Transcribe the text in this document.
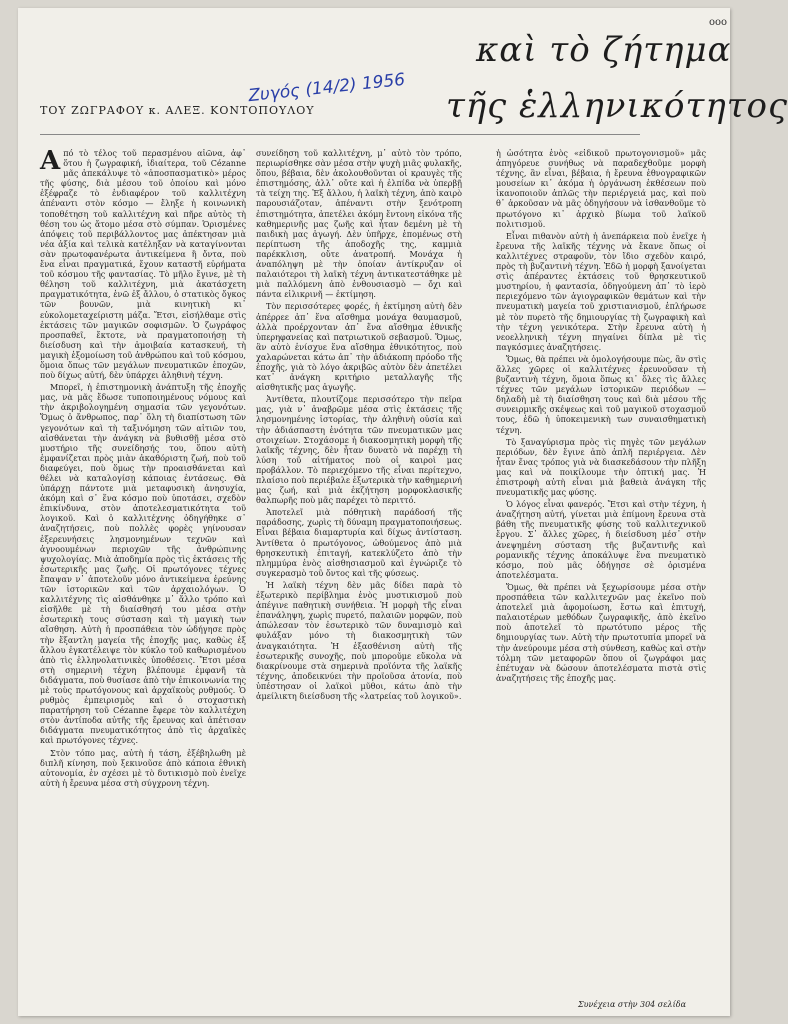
ооо
καὶ τὸ ζήτημα
τῆς ἑλληνικότητος
Ζυγός (14/2) 1956
ΤΟΥ ΖΩΓΡΑΦΟΥ κ. ΑΛΕΞ. ΚΟΝΤΟΠΟΥΛΟΥ

Από τὸ τέλος τοῦ περασμένου αἰῶνα, ἀφ᾽ ὅτου ἡ ζωγραφική, ἰδιαίτερα, τοῦ Cézanne μᾶς ἀπεκάλυψε τὸ «ἀποσπασματικὸ» μέρος τῆς φύσης, διὰ μέσου τοῦ ὁποίου καὶ μόνο ἐξέφραζε τὸ ἐνδιαφέρον τοῦ καλλιτέχνη ἀπέναντι στὸν κόσμο — ἔληξε ἡ κοινωνικὴ τοποθέτηση τοῦ καλλιτέχνη καὶ πῆρε αὐτὸς τὴ θέση του ὡς ἄτομο μέσα στὸ σύμπαν. Ὁρισμένες ἀπόψεις τοῦ περιβάλλοντος μας ἀπέκτησαν μιὰ νέα ἀξία καὶ τελικὰ κατέληξαν νὰ καταγίνονται σὰν πρωτοφανέρωτα ἀντικείμενα ἢ ὄντα, ποὺ ἔνα εἶναι πραγματικά, ἔχουν καταστῆ εὑρήματα τοῦ κόσμου τῆς φαντασίας. Τὸ μῆλο ἔγινε, μὲ τὴ θέληση τοῦ καλλιτέχνη, μιὰ ἀκατάσχετη πραγματικότητα, ἐνῶ ἐξ ἄλλου, ὁ στατικὸς ὄγκος τῶν βουνῶν, μιὰ κινητικὴ κι᾽ εὐκολομεταχείριστη μάζα. Ἔτσι, εἰσήλθαμε στὶς ἐκτάσεις τῶν μαγικῶν σοφισμῶν. Ὁ ζωγράφος προσπαθεῖ, ἔκτοτε, νὰ πραγματοποιήσῃ τὴ διείσδυση καὶ τὴν ἀμοιβαία κατασκευή, τὴ μαγικὴ ἐξομοίωση τοῦ ἀνθρώπου καὶ τοῦ κόσμου, ὅμοια ὅπως τῶν μεγάλων πνευματικῶν ἐποχῶν, ποὺ δίχως αὐτή, δὲν ὑπάρχει ἀληθινὴ τέχνη.

Μπορεῖ, ἡ ἐπιστημονικὴ ἀνάπτυξη τῆς ἐποχῆς μας, νὰ μᾶς ἔδωσε τυποποιημένους νόμους καὶ τὴν ἀκριβολογημένη σημασία τῶν γεγονότων. Ὅμως ὁ ἄνθρωπος, παρ᾽ ὅλη τὴ διαπίστωση τῶν γεγονότων καὶ τὴ ταξινόμηση τῶν αἰτιῶν του, αἰσθάνεται τὴν ἀνάγκη νὰ βυθισθῇ μέσα στὸ μυστήριο τῆς συνείδησής του, ὅπου αὐτὴ ἐμφανίζεται πρὸς μιὰν ἀκαθόριστη ζωή, ποὺ τοῦ διαφεύγει, ποὺ ὅμως τὴν προαισθάνεται καὶ θέλει νὰ καταλογίσῃ κάποιας ἐντάσεως. Θὰ ὑπάρχῃ πάντοτε μιὰ μεταφυσικὴ ἀνησυχία, ἀκόμη καὶ σ᾽ ἕνα κόσμο ποὺ ὑποτάσει, σχεδὸν ἐπικίνδυνα, στὸν ἀποτελεσματικότητα τοῦ λογικοῦ. Καὶ ὁ καλλιτέχνης ὁδηγήθηκε σ᾽ ἀναζητήσεις, ποὺ πολλὲς φορὲς γηίνουσαν ἐξερευνήσεις λησμονημένων τεχνῶν καὶ ἀγνοουμένων περιοχῶν τῆς ἀνθρώπινης ψυχολογίας. Μιὰ ἀποδημία πρὸς τὶς ἐκτάσεις τῆς ἐσωτερικῆς μας ζωῆς. Οἱ πρωτόγονες τέχνες ἔπαψαν ν᾽ ἀποτελοῦν μόνο ἀντικείμενα ἐρεύνης τῶν ἱστορικῶν καὶ τῶν ἀρχαιολόγων. Ὁ καλλιτέχνης τὶς αἰσθάνθηκε μ᾽ ἄλλο τρόπο καὶ εἰσῆλθε μὲ τὴ διαίσθησή του μέσα στὴν ἐσωτερικὴ τους σύσταση καὶ τὴ μαγικὴ των αἴσθηση. Αὐτὴ ἡ προσπάθεια τὸν ὡδήγησε πρὸς τὴν ἔξαντλη μαγεία τῆς ἐποχῆς μας, καθὼς ἐξ ἄλλου ἐγκατέλειψε τὸν κύκλο τοῦ καθωρισμένου ἀπὸ τὶς ἑλληνολατινικὲς ὑποθέσεις. Ἔτσι μέσα στὴ σημερινὴ τέχνη βλέπουμε ἐμφανῆ τὰ διδάγματα, ποὺ θυσίασε ἀπὸ τὴν ἐπικοινωνία της μὲ τοὺς πρωτόγονους καὶ ἀρχαϊκοὺς ρυθμούς. Ὁ ρυθμὸς ἐμπειρισμὸς καὶ ὁ στοχαστικὴ παρατήρηση τοῦ Cézanne ἔφερε τὸν καλλιτέχνη στὸν ἀντίποδα αὐτῆς τῆς ἔρευνας καὶ ἀπέτισαν διδάγματα πνευματικότητος ἀπὸ τὶς ἀρχαϊκὲς καὶ πρωτόγονες τέχνες.

Στὸν τόπο μας, αὐτὴ ἡ τάση, ἐξέβηλωθη μὲ διπλῆ κίνηση, ποὺ ξεκινοῦσε ἀπὸ κάποια ἐθνικὴ αὐτονομία, ἐν σχέσει μὲ τὸ δυτικισμὸ ποὺ ἐνεῖχε αὐτὴ ἡ ἔρευνα μέσα στὴ σύγχρονη τέχνη.

συνείδηση τοῦ καλλιτέχνη, μ᾽ αὐτὸ τὸν τρόπο, περιωρίσθηκε σὰν μέσα στὴν ψυχὴ μιᾶς φυλακῆς, ὅπου, βέβαια, δὲν ἀκολουθοῦνται οἱ κραυγὲς τῆς ἐπιστημόσης, ἀλλ᾽ οὔτε καὶ ἡ ἐλπίδα νὰ ὑπερβῇ τὰ τείχη της. Ἐξ ἄλλου, ἡ λαϊκὴ τέχνη, ἀπὸ καιρὸ παρουσιάζοταν, ἀπέναντι στὴν ξενότροπη ἐπιστημότητα, ἀπετέλει ἀκόμη ἔντονη εἰκόνα τῆς καθημερινῆς μας ζωῆς καὶ ἦταν δεμένη μὲ τὴ παιδικὴ μας ἀγωγή. Δὲν ὑπῆρχε, ἑπομένως στὴ περίπτωση τῆς ἀποδοχῆς της, καμμιὰ παρέκκλιση, οὔτε ἀνατροπή. Μονάχα ἡ ἀναπόληψη μὲ τὴν ὁποίαν ἀντίκρυζαν οἱ παλαιότεροι τὴ λαϊκὴ τέχνη ἀντικατεστάθηκε μὲ μιὰ παλλόμενη ἀπὸ ἐνθουσιασμὸ — ὄχι καὶ πάντα εἰλικρινῆ — ἐκτίμηση.

Τὸν περισσότερες φορές, ἡ ἐκτίμηση αὐτὴ δὲν ἀπέρρεε ἀπ᾽ ἕνα αἴσθημα μονάχα θαυμασμοῦ, ἀλλὰ προέρχονταν ἀπ᾽ ἕνα αἴσθημα ἐθνικῆς ὑπερηφανείας καὶ πατριωτικοῦ σεβασμοῦ. Ὅμως, ἂν αὐτὸ ἐνίσχυε ἕνα αἴσθημα ἐθνικότητος, ποὺ χαλαρώνεται κάτω ἀπ᾽ τὴν ἀδιάκοπη πρόοδο τῆς ἐποχῆς, γιὰ τὸ λόγο ἀκριβῶς αὐτὸν δὲν ἀπετέλει κατ᾽ ἀνάγκη κριτήριο μεταλλαγῆς τῆς αἰσθητικῆς μας ἀγωγῆς.

Ἀντίθετα, πλουτίζομε περισσότερο τὴν πεῖρα μας, γιὰ ν᾽ ἀναβρῶμε μέσα στὶς ἐκτάσεις τῆς λησμονημένης ἱστορίας, τὴν ἀληθινὴ οὐσία καὶ τὴν ἀδιάσπαστη ἑνότητα τῶν πνευματικῶν μας στοιχείων. Στοχάσομε ἡ διακοσμητικὴ μορφὴ τῆς λαϊκῆς τέχνης, δὲν ἦταν δυνατὸ νὰ παρέχῃ τὴ λύση τοῦ αἰτήματος ποὺ οἱ καιροὶ μας προβάλλον. Τὸ περιεχόμενο τῆς εἶναι περίτεχνο, πλαίσιο ποὺ περιέβαλε ἐξωτερικὰ τὴν καθημερινή μας ζωή, καὶ μιὰ ἐκζήτηση μορφοκλασικῆς θαλπωρῆς ποὺ μᾶς παρέχει τὸ περιττό.

Ἀποτελεῖ μιὰ πόθητικὴ παράδοσή τῆς παράδοσης, χωρὶς τὴ δύναμη πραγματοποιήσεως. Εἶναι βέβαια διαμαρτυρία καὶ δίχως ἀντίσταση. Ἀντίθετα ὁ πρωτόγονος, ὡθούμενος ἀπὸ μιὰ θρησκευτικὴ ἐπιταγή, κατεκλύζετο ἀπὸ τὴν πλημμύρα ἑνὸς αἰσθησιασμοῦ καὶ ἐγνώριζε τὸ συγκερασμὸ τοῦ ὄντος καὶ τῆς φύσεως.

Ἡ λαϊκὴ τέχνη δὲν μᾶς δίδει παρὰ τὸ ἐξωτερικὸ περίβλημα ἑνὸς μυστικισμοῦ ποὺ ἀπέγινε παθητικὴ συνήθεια. Ἡ μορφὴ τῆς εἶναι ἐπανάληψη, χωρὶς πυρετό, παλαιῶν μορφῶν, ποὺ ἀπώλεσαν τὸν ἐσωτερικὸ τῶν δυναμισμὸ καὶ φυλάξαν μόνο τὴ διακοσμητικὴ τῶν ἀναγκαιότητα. Ἡ ἐξασθένιση αὐτὴ τῆς ἐσωτερικῆς συνοχῆς, ποὺ μποροῦμε εὔκολα νὰ διακρίνουμε στὰ σημερινὰ προϊόντα τῆς λαϊκῆς τέχνης, ἀποδεικνύει τὴν προϊοῦσα ἀτονία, ποὺ ὑπέστησαν οἱ λαϊκοὶ μῦθοι, κάτω ἀπὸ τὴν ἀμείλικτη διείσδυση τῆς «λατρείας τοῦ λογικοῦ».

ἡ ὡσότητα ἑνὸς «εἰδικοῦ πρωτογονισμοῦ» μᾶς ἀπηγόρευε συνήθως νὰ παραδεχθοῦμε μορφὴ τέχνης, ἂν εἶναι, βέβαια, ἡ ἔρευνα ἐθνογραφικῶν μουσείων κι᾽ ἀκόμα ἡ ὀργάνωση ἐκθέσεων ποὺ ἱκανοποιοῦν ἁπλῶς τὴν περιέργειά μας, καὶ ποὺ θ᾽ ἀρκοῦσαν νὰ μᾶς ὁδηγήσουν νὰ ἰσθανθοῦμε τὸ πρωτόγονο κι᾽ ἀρχικὸ βίωμα τοῦ λαϊκοῦ πολιτισμοῦ.

Εἶναι πιθανὸν αὐτὴ ἡ ἀνεπάρκεια ποὺ ἐνεῖχε ἡ ἔρευνα τῆς λαϊκῆς τέχνης νὰ ἔκανε ὅπως οἱ καλλιτέχνες στραφοῦν, τὸν ἴδιο σχεδὸν καιρό, πρὸς τὴ βυζαντινὴ τέχνη. Ἐδῶ ἡ μορφὴ ξανοίγεται στὶς ἀπέραντες ἐκτάσεις τοῦ θρησκευτικοῦ μυστηρίου, ἡ φαντασία, ὁδηγούμενη ἀπ᾽ τὸ ἱερὸ περιεχόμενο τῶν ἁγιογραφικῶν θεμάτων καὶ τὴν πνευματικὴ μαγεία τοῦ χριστιανισμοῦ, ἐπλήρωσε μὲ τὸν πυρετὸ τῆς δημιουργίας τὴ ζωγραφικὴ καὶ τὴν τέχνη γενικότερα. Στὴν ἔρευνα αὐτὴ ἡ νεοελληνικὴ τέχνη πηγαίνει δίπλα μὲ τὶς παγκόσμιες ἀναζητήσεις.

Ὅμως, θὰ πρέπει νὰ ὁμολογήσουμε πὼς, ἂν στὶς ἄλλες χῶρες οἱ καλλιτέχνες ἐρευνοῦσαν τὴ βυζαντινὴ τέχνη, ὅμοια ὅπως κι᾽ ὅλες τὶς ἄλλες τέχνες τῶν μεγάλων ἱστορικῶν περιόδων — δηλαδὴ μὲ τὴ διαίσθηση τους καὶ διὰ μέσου τῆς συνειρμικῆς σκέψεως καὶ τοῦ μαγικοῦ στοχασμοῦ τους, ἐδῶ ἡ ὑποκειμενικὴ των συναισθηματικὴ τέχνη.

Τὸ ξαναγύρισμα πρὸς τὶς πηγὲς τῶν μεγάλων περιόδων, δὲν ἔγινε ἀπὸ ἁπλῆ περιέργεια. Δὲν ἦταν ἕνας τρόπος γιὰ νὰ διασκεδάσουν τὴν πλῆξη μας καὶ νὰ ποικίλουμε τὴν ὀπτική μας. Ἡ ἐπιστροφὴ αὐτὴ εἶναι μιὰ βαθειὰ ἀνάγκη τῆς πνευματικῆς μας φύσης.

Ὁ λόγος εἶναι φανερός. Ἔτσι καὶ στὴν τέχνη, ἡ ἀναζήτηση αὐτή, γίνεται μιὰ ἐπίμονη ἔρευνα στὰ βάθη τῆς πνευματικῆς φύσης τοῦ καλλιτεχνικοῦ ἔργου. Σ᾽ ἄλλες χῶρες, ἡ διείσδυση μέσ᾽ στὴν ἀνεψημένη σύσταση τῆς βυζαντινῆς καὶ ρομανικῆς τέχνης ἀποκάλυψε ἕνα πνευματικὸ κόσμο, ποὺ μᾶς ὁδήγησε σὲ ὁρισμένα ἀποτελέσματα.

Ὅμως, θὰ πρέπει νὰ ξεχωρίσουμε μέσα στὴν προσπάθεια τῶν καλλιτεχνῶν μας ἐκεῖνο ποὺ ἀποτελεῖ μιὰ ἀφομοίωση, ἔστω καὶ ἐπιτυχή, παλαιοτέρων μεθόδων ζωγραφικῆς, ἀπὸ ἐκεῖνο ποὺ ἀποτελεῖ τὸ πρωτότυπο μέρος τῆς δημιουργίας των. Αὐτὴ τὴν πρωτοτυπία μπορεῖ νὰ τὴν ἀνεύρουμε μέσα στὴ σύνθεση, καθὼς καὶ στὴν τόλμη τῶν μεταφορῶν ὅπου οἱ ζωγράφοι μας ἐπέτυχαν νὰ δώσουν ἀποτελέσματα πιστὰ στὶς ἀναζητήσεις τῆς ἐποχῆς μας.

Συνέχεια στὴν 304 σελίδα
